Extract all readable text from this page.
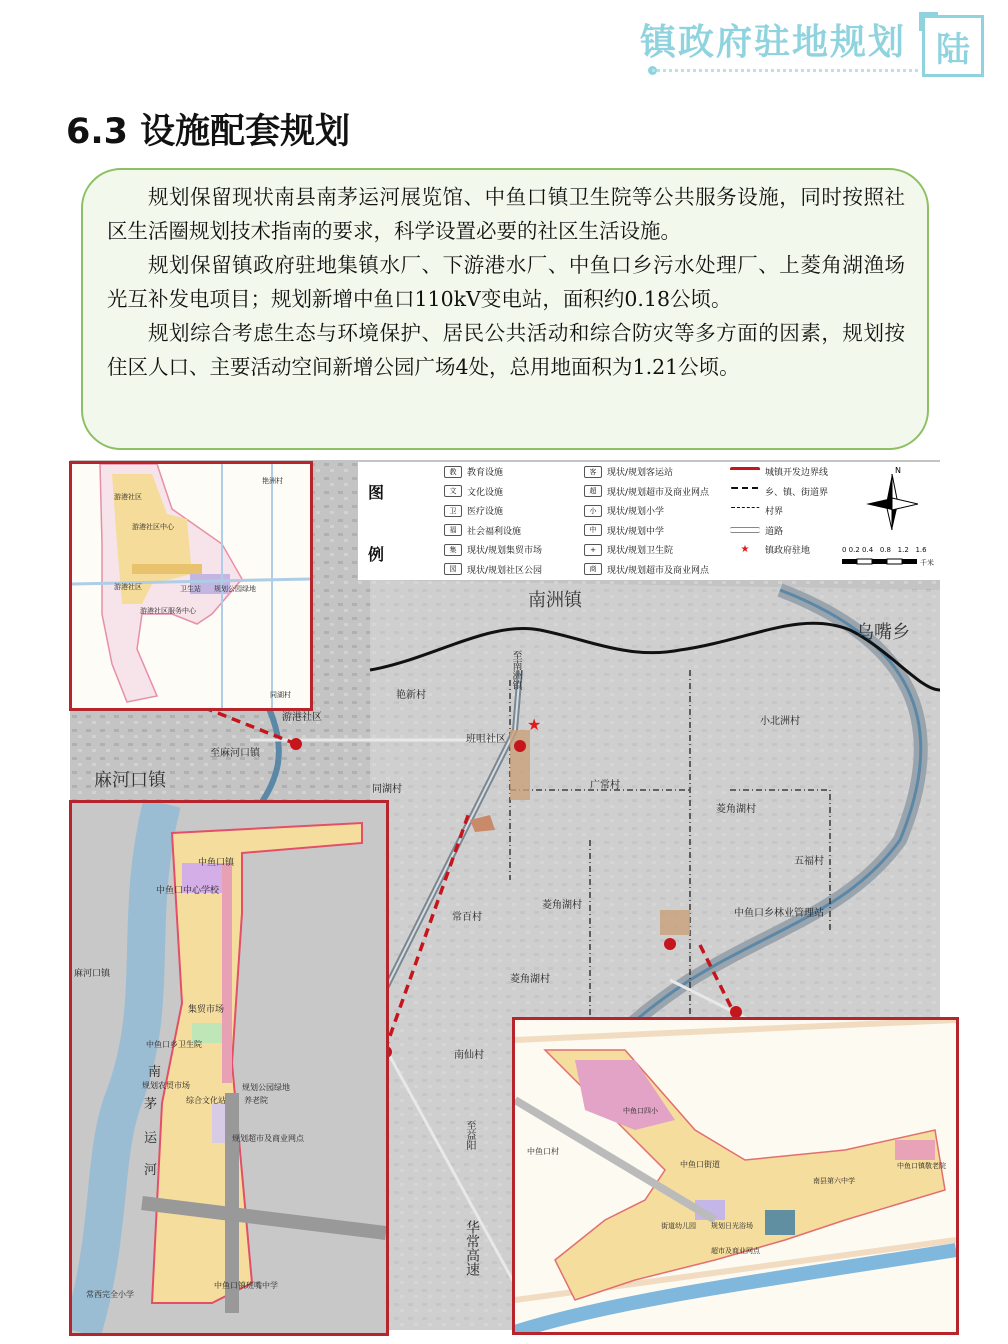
镇政府驻地规划 陆
6.3 设施配套规划

规划保留现状南县南茅运河展览馆、中鱼口镇卫生院等公共服务设施，同时按照社区生活圈规划技术指南的要求，科学设置必要的社区生活设施。

规划保留镇政府驻地集镇水厂、下游港水厂、中鱼口乡污水处理厂、上菱角湖渔场光互补发电项目；规划新增中鱼口110kV变电站，面积约0.18公顷。

规划综合考虑生态与环境保护、居民公共活动和综合防灾等多方面的因素，规划按住区人口、主要活动空间新增公园广场4处，总用地面积为1.21公顷。

★
南洲镇
乌嘴乡
麻河口镇
艳新村
游港社区
至麻河口镇
班咀社区
同湖村
小北洲村
广常村
菱角湖村
五福村
常百村
菱角湖村
菱角湖村
中鱼口乡林业管理站
南仙村
华常高速
至南洲镇
至益阳
图
例
教	教育设施
文	文化设施
卫	医疗设施
福	社会福利设施
集	现状/规划集贸市场
园	现状/规划社区公园
客	现状/规划客运站
超	现状/规划超市及商业网点
小	现状/规划小学
中	现状/规划中学
+	现状/规划卫生院
商	现状/规划超市及商业网点
城镇开发边界线
乡、镇、街道界
村界
道路
★	镇政府驻地
N
0 0.2 0.4   0.8   1.2   1.6
千米
艳洲村
游港社区
游港社区中心
卫生站 规划公园绿地
游港社区
游港社区服务中心
同湖村
中鱼口镇
中鱼口中心学校
麻河口镇
集贸市场
中鱼口乡卫生院
规划农贸市场	规划公园绿地
综合文化站 养老院
规划超市及商业网点
中鱼口镇班嘴中学
常西完全小学
南
茅
运
河
中鱼口四小
中鱼口村
中鱼口街道
南县第六中学
中鱼口镇敬老院
街道幼儿园 规划日光浴场
超市及商业网点
